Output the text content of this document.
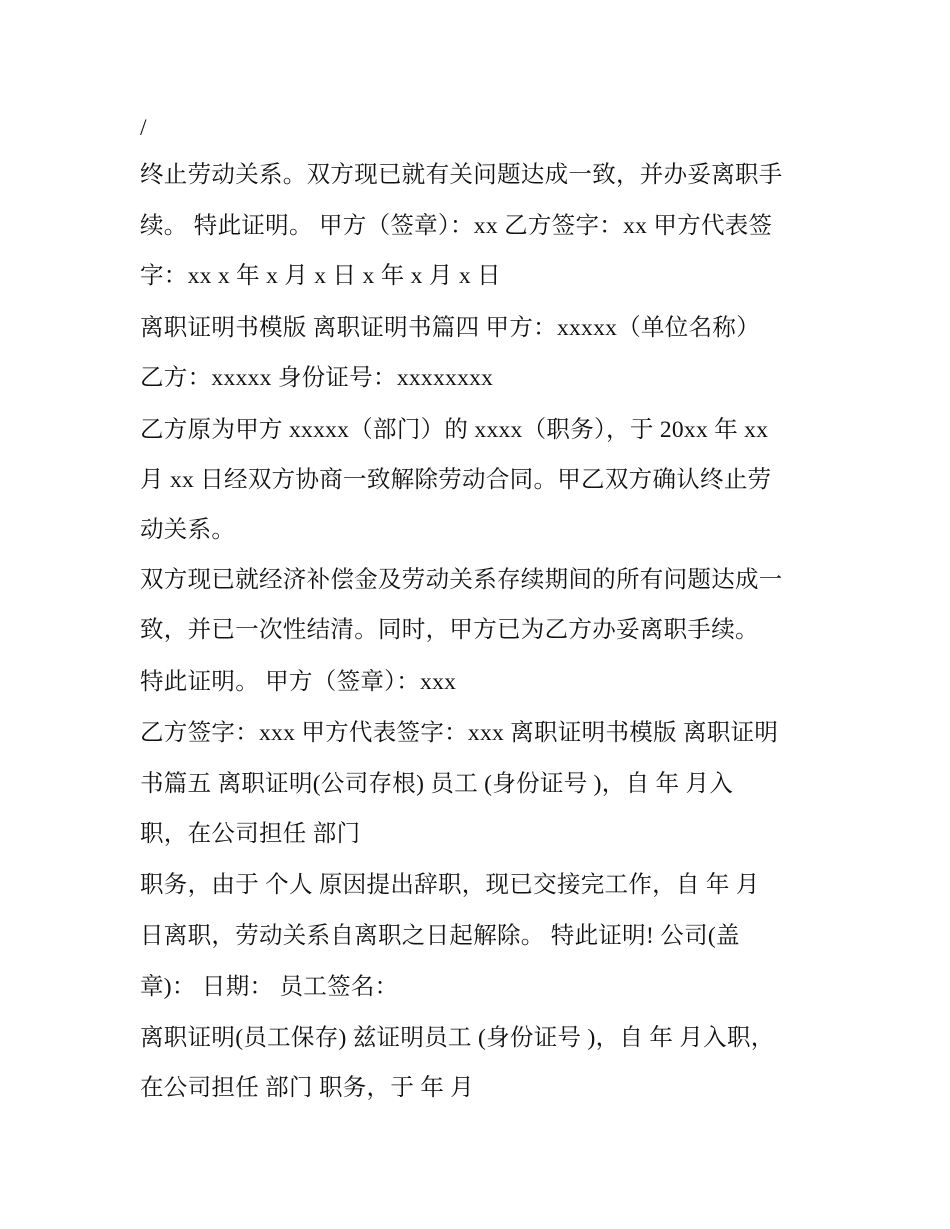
/
终止劳动关系。双方现已就有关问题达成一致，并办妥离职手
续。 特此证明。 甲方（签章）：xx 乙方签字：xx 甲方代表签
字：xx x 年 x 月 x 日 x 年 x 月 x 日
离职证明书模版 离职证明书篇四 甲方：xxxxx（单位名称）
乙方：xxxxx 身份证号：xxxxxxxx
乙方原为甲方 xxxxx（部门）的 xxxx（职务），于 20xx 年 xx
月 xx 日经双方协商一致解除劳动合同。甲乙双方确认终止劳
动关系。
双方现已就经济补偿金及劳动关系存续期间的所有问题达成一
致，并已一次性结清。同时，甲方已为乙方办妥离职手续。
特此证明。 甲方（签章）：xxx
乙方签字：xxx 甲方代表签字：xxx 离职证明书模版 离职证明
书篇五 离职证明(公司存根) 员工 (身份证号 )，自 年 月入
职，在公司担任 部门
职务，由于 个人 原因提出辞职，现已交接完工作，自 年 月
日离职，劳动关系自离职之日起解除。 特此证明! 公司(盖
章)： 日期： 员工签名：
离职证明(员工保存) 兹证明员工 (身份证号 )，自 年 月入职，
在公司担任 部门 职务，于 年 月
